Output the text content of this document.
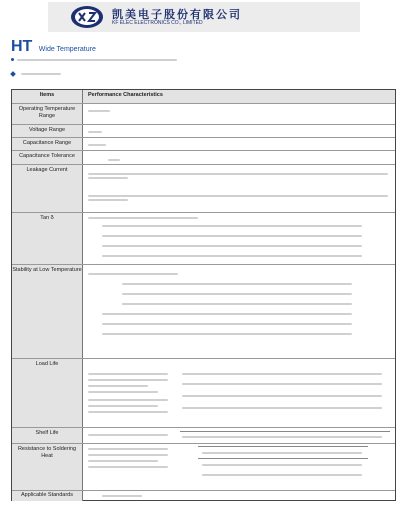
凯美电子股份有限公司
KF ELEC ELECTRONICS CO., LIMITED
HT Wide Temperature

Items	Performance Characteristics
Operating Temperature Range
Voltage Range
Capacitance Range
Capacitance Tolerance
Leakage Current
Tan δ
Stability at Low Temperature
Load Life
Shelf Life
Resistance to Soldering Heat
Applicable Standards
